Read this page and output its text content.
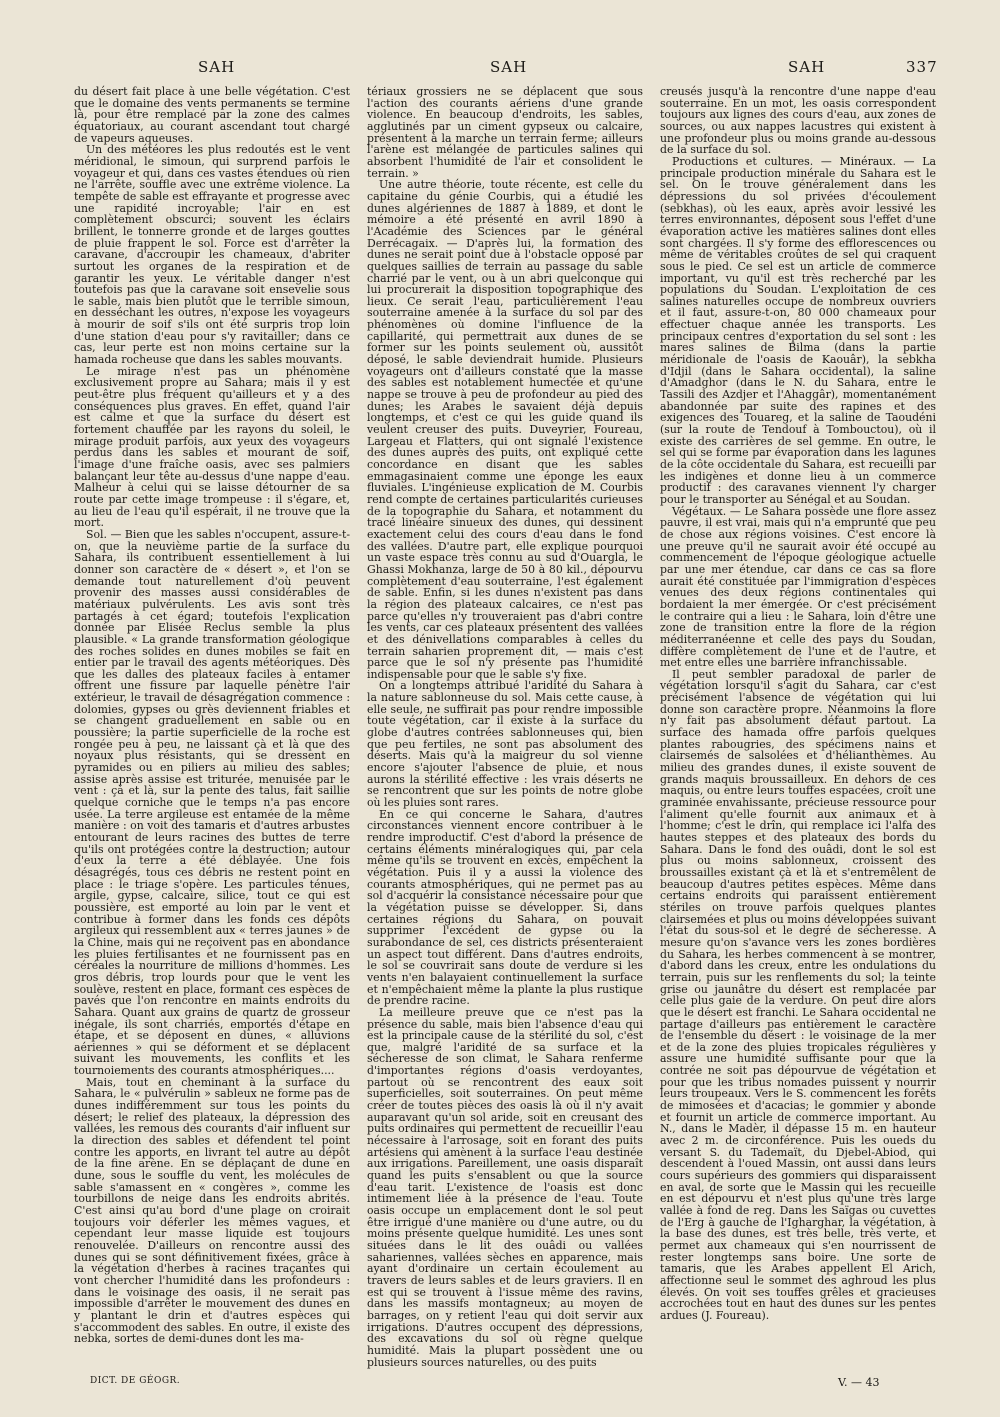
SAH	SAH	SAH	337

du désert fait place à une belle végétation. C'est que le domaine des vents permanents se termine là, pour être remplacé par la zone des calmes équatoriaux, au courant ascendant tout chargé de vapeurs aqueuses.

Un des météores les plus redoutés est le vent méridional, le simoun, qui surprend parfois le voyageur et qui, dans ces vastes étendues où rien ne l'arrête, souffle avec une extrême violence. La tempête de sable est effrayante et progresse avec une rapidité incroyable; l'air en est complètement obscurci; souvent les éclairs brillent, le tonnerre gronde et de larges gouttes de pluie frappent le sol. Force est d'arrêter la caravane, d'accroupir les chameaux, d'abriter surtout les organes de la respiration et de garantir les yeux. Le véritable danger n'est toutefois pas que la caravane soit ensevelie sous le sable, mais bien plutôt que le terrible simoun, en desséchant les outres, n'expose les voyageurs à mourir de soif s'ils ont été surpris trop loin d'une station d'eau pour s'y ravitailler; dans ce cas, leur perte est non moins certaine sur la hamada rocheuse que dans les sables mouvants.

Le mirage n'est pas un phénomène exclusivement propre au Sahara; mais il y est peut-être plus fréquent qu'ailleurs et y a des conséquences plus graves. En effet, quand l'air est calme et que la surface du désert est fortement chauffée par les rayons du soleil, le mirage produit parfois, aux yeux des voyageurs perdus dans les sables et mourant de soif, l'image d'une fraîche oasis, avec ses palmiers balançant leur tête au-dessus d'une nappe d'eau. Malheur à celui qui se laisse détourner de sa route par cette image trompeuse : il s'égare, et, au lieu de l'eau qu'il espérait, il ne trouve que la mort.

Sol. — Bien que les sables n'occupent, assure-t-on, que la neuvième partie de la surface du Sahara, ils contribuent essentiellement à lui donner son caractère de « désert », et l'on se demande tout naturellement d'où peuvent provenir des masses aussi considérables de matériaux pulvérulents. Les avis sont très partagés à cet égard; toutefois l'explication donnée par Elisée Reclus semble la plus plausible. « La grande transformation géologique des roches solides en dunes mobiles se fait en entier par le travail des agents météoriques. Dès que les dalles des plateaux faciles à entamer offrent une fissure par laquelle pénètre l'air extérieur, le travail de désagrégation commence : dolomies, gypses ou grès deviennent friables et se changent graduellement en sable ou en poussière; la partie superficielle de la roche est rongée peu à peu, ne laissant çà et là que des noyaux plus résistants, qui se dressent en pyramides ou en piliers au milieu des sables; assise après assise est triturée, menuisée par le vent : çà et là, sur la pente des talus, fait saillie quelque corniche que le temps n'a pas encore usée. La terre argileuse est entamée de la même manière : on voit des tamaris et d'autres arbustes entourant de leurs racines des buttes de terre qu'ils ont protégées contre la destruction; autour d'eux la terre a été déblayée. Une fois désagrégés, tous ces débris ne restent point en place : le triage s'opère. Les particules ténues, argile, gypse, calcaire, silice, tout ce qui est poussière, est emporté au loin par le vent et contribue à former dans les fonds ces dépôts argileux qui ressemblent aux « terres jaunes » de la Chine, mais qui ne reçoivent pas en abondance les pluies fertilisantes et ne fournissent pas en céréales la nourriture de millions d'hommes. Les gros débris, trop lourds pour que le vent les soulève, restent en place, formant ces espèces de pavés que l'on rencontre en maints endroits du Sahara. Quant aux grains de quartz de grosseur inégale, ils sont charriés, emportés d'étape en étape, et se déposent en dunes, « alluvions aériennes » qui se déforment et se déplacent suivant les mouvements, les conflits et les tournoiements des courants atmosphériques....

Mais, tout en cheminant à la surface du Sahara, le « pulvérulin » sableux ne forme pas de dunes indifféremment sur tous les points du désert; le relief des plateaux, la dépression des vallées, les remous des courants d'air influent sur la direction des sables et défendent tel point contre les apports, en livrant tel autre au dépôt de la fine arène. En se déplaçant de dune en dune, sous le souffle du vent, les molécules de sable s'amassent en « congères », comme les tourbillons de neige dans les endroits abrités. C'est ainsi qu'au bord d'une plage on croirait toujours voir déferler les mêmes vagues, et cependant leur masse liquide est toujours renouvelée. D'ailleurs on rencontre aussi des dunes qui se sont définitivement fixées, grâce à la végétation d'herbes à racines traçantes qui vont chercher l'humidité dans les profondeurs : dans le voisinage des oasis, il ne serait pas impossible d'arrêter le mouvement des dunes en y plantant le drin et d'autres espèces qui s'accommodent des sables. En outre, il existe des nebka, sortes de demi-dunes dont les ma-

tériaux grossiers ne se déplacent que sous l'action des courants aériens d'une grande violence. En beaucoup d'endroits, les sables, agglutinés par un ciment gypseux ou calcaire, présentent à la marche un terrain ferme; ailleurs l'arène est mélangée de particules salines qui absorbent l'humidité de l'air et consolident le terrain. »

Une autre théorie, toute récente, est celle du capitaine du génie Courbis, qui a étudié les dunes algériennes de 1887 à 1889, et dont le mémoire a été présenté en avril 1890 à l'Académie des Sciences par le général Derrécagaix. — D'après lui, la formation des dunes ne serait point due à l'obstacle opposé par quelques saillies de terrain au passage du sable charrié par le vent, ou à un abri quelconque qui lui procurerait la disposition topographique des lieux. Ce serait l'eau, particulièrement l'eau souterraine amenée à la surface du sol par des phénomènes où domine l'influence de la capillarité, qui permettrait aux dunes de se former sur les points seulement où, aussitôt déposé, le sable deviendrait humide. Plusieurs voyageurs ont d'ailleurs constaté que la masse des sables est notablement humectée et qu'une nappe se trouve à peu de profondeur au pied des dunes; les Arabes le savaient déjà depuis longtemps, et c'est ce qui les guide quand ils veulent creuser des puits. Duveyrier, Foureau, Largeau et Flatters, qui ont signalé l'existence des dunes auprès des puits, ont expliqué cette concordance en disant que les sables emmagasinaient comme une éponge les eaux fluviales. L'ingénieuse explication de M. Courbis rend compte de certaines particularités curieuses de la topographie du Sahara, et notamment du tracé linéaire sinueux des dunes, qui dessinent exactement celui des cours d'eau dans le fond des vallées. D'autre part, elle explique pourquoi un vaste espace très connu au sud d'Ouargla, le Ghassi Mokhanza, large de 50 à 80 kil., dépourvu complètement d'eau souterraine, l'est également de sable. Enfin, si les dunes n'existent pas dans la région des plateaux calcaires, ce n'est pas parce qu'elles n'y trouveraient pas d'abri contre les vents, car ces plateaux présentent des vallées et des dénivellations comparables à celles du terrain saharien proprement dit, — mais c'est parce que le sol n'y présente pas l'humidité indispensable pour que le sable s'y fixe.

On a longtemps attribué l'aridité du Sahara à la nature sablonneuse du sol. Mais cette cause, à elle seule, ne suffirait pas pour rendre impossible toute végétation, car il existe à la surface du globe d'autres contrées sablonneuses qui, bien que peu fertiles, ne sont pas absolument des déserts. Mais qu'à la maigreur du sol vienne encore s'ajouter l'absence de pluie, et nous aurons la stérilité effective : les vrais déserts ne se rencontrent que sur les points de notre globe où les pluies sont rares.

En ce qui concerne le Sahara, d'autres circonstances viennent encore contribuer à le rendre improductif. C'est d'abord la présence de certains éléments minéralogiques qui, par cela même qu'ils se trouvent en excès, empêchent la végétation. Puis il y a aussi la violence des courants atmosphériques, qui ne permet pas au sol d'acquérir la consistance nécessaire pour que la végétation puisse se développer. Si, dans certaines régions du Sahara, on pouvait supprimer l'excédent de gypse ou la surabondance de sel, ces districts présenteraient un aspect tout différent. Dans d'autres endroits, le sol se couvrirait sans doute de verdure si les vents n'en balayaient continuellement la surface et n'empêchaient même la plante la plus rustique de prendre racine.

La meilleure preuve que ce n'est pas la présence du sable, mais bien l'absence d'eau qui est la principale cause de la stérilité du sol, c'est que, malgré l'aridité de sa surface et la sécheresse de son climat, le Sahara renferme d'importantes régions d'oasis verdoyantes, partout où se rencontrent des eaux soit superficielles, soit souterraines. On peut même créer de toutes pièces des oasis là où il n'y avait auparavant qu'un sol aride, soit en creusant des puits ordinaires qui permettent de recueillir l'eau nécessaire à l'arrosage, soit en forant des puits artésiens qui amènent à la surface l'eau destinée aux irrigations. Pareillement, une oasis disparaît quand les puits s'ensablent ou que la source d'eau tarit. L'existence de l'oasis est donc intimement liée à la présence de l'eau. Toute oasis occupe un emplacement dont le sol peut être irrigué d'une manière ou d'une autre, ou du moins présente quelque humidité. Les unes sont situées dans le lit des ouâdi ou vallées sahariennes, vallées sèches en apparence, mais ayant d'ordinaire un certain écoulement au travers de leurs sables et de leurs graviers. Il en est qui se trouvent à l'issue même des ravins, dans les massifs montagneux; au moyen de barrages, on y retient l'eau qui doit servir aux irrigations. D'autres occupent des dépressions, des excavations du sol où règne quelque humidité. Mais la plupart possèdent une ou plusieurs sources naturelles, ou des puits

creusés jusqu'à la rencontre d'une nappe d'eau souterraine. En un mot, les oasis correspondent toujours aux lignes des cours d'eau, aux zones de sources, ou aux nappes lacustres qui existent à une profondeur plus ou moins grande au-dessous de la surface du sol.

Productions et cultures. — Minéraux. — La principale production minérale du Sahara est le sel. On le trouve généralement dans les dépressions du sol privées d'écoulement (sebkhas), où les eaux, après avoir lessivé les terres environnantes, déposent sous l'effet d'une évaporation active les matières salines dont elles sont chargées. Il s'y forme des efflorescences ou même de véritables croûtes de sel qui craquent sous le pied. Ce sel est un article de commerce important, vu qu'il est très recherché par les populations du Soudan. L'exploitation de ces salines naturelles occupe de nombreux ouvriers et il faut, assure-t-on, 80 000 chameaux pour effectuer chaque année les transports. Les principaux centres d'exportation du sel sont : les mares salines de Bilma (dans la partie méridionale de l'oasis de Kaouâr), la sebkha d'Idjil (dans le Sahara occidental), la saline d'Amadghor (dans le N. du Sahara, entre le Tassili des Azdjer et l'Ahaggâr), momentanément abandonnée par suite des rapines et des exigences des Touareg, et la saline de Taoudéni (sur la route de Tendouf à Tombouctou), où il existe des carrières de sel gemme. En outre, le sel qui se forme par évaporation dans les lagunes de la côte occidentale du Sahara, est recueilli par les indigènes et donne lieu à un commerce productif : des caravanes viennent l'y charger pour le transporter au Sénégal et au Soudan.

Végétaux. — Le Sahara possède une flore assez pauvre, il est vrai, mais qui n'a emprunté que peu de chose aux régions voisines. C'est encore là une preuve qu'il ne saurait avoir été occupé au commencement de l'époque géologique actuelle par une mer étendue, car dans ce cas sa flore aurait été constituée par l'immigration d'espèces venues des deux régions continentales qui bordaient la mer émergée. Or c'est précisément le contraire qui a lieu : le Sahara, loin d'être une zone de transition entre la flore de la région méditerranéenne et celle des pays du Soudan, diffère complètement de l'une et de l'autre, et met entre elles une barrière infranchissable.

Il peut sembler paradoxal de parler de végétation lorsqu'il s'agit du Sahara, car c'est précisément l'absence de végétation qui lui donne son caractère propre. Néanmoins la flore n'y fait pas absolument défaut partout. La surface des hamada offre parfois quelques plantes rabougries, des spécimens nains et clairsemés de salsolées et d'hélianthèmes. Au milieu des grandes dunes, il existe souvent de grands maquis broussailleux. En dehors de ces maquis, ou entre leurs touffes espacées, croît une graminée envahissante, précieuse ressource pour l'aliment qu'elle fournit aux animaux et à l'homme; c'est le drîn, qui remplace ici l'alfa des hautes steppes et des plateaux des bords du Sahara. Dans le fond des ouâdi, dont le sol est plus ou moins sablonneux, croissent des broussailles existant çà et là et s'entremêlent de beaucoup d'autres petites espèces. Même dans certains endroits qui paraissent entièrement stériles on trouve parfois quelques plantes clairsemées et plus ou moins développées suivant l'état du sous-sol et le degré de sécheresse. A mesure qu'on s'avance vers les zones bordières du Sahara, les herbes commencent à se montrer, d'abord dans les creux, entre les ondulations du terrain, puis sur les renflements du sol; la teinte grise ou jaunâtre du désert est remplacée par celle plus gaie de la verdure. On peut dire alors que le désert est franchi. Le Sahara occidental ne partage d'ailleurs pas entièrement le caractère de l'ensemble du désert : le voisinage de la mer et de la zone des pluies tropicales régulières y assure une humidité suffisante pour que la contrée ne soit pas dépourvue de végétation et pour que les tribus nomades puissent y nourrir leurs troupeaux. Vers le S. commencent les forêts de mimosées et d'acacias; le gommier y abonde et fournit un article de commerce important. Au N., dans le Madèr, il dépasse 15 m. en hauteur avec 2 m. de circonférence. Puis les oueds du versant S. du Tademaït, du Djebel-Abiod, qui descendent à l'oued Massin, ont aussi dans leurs cours supérieurs des gommiers qui disparaissent en aval, de sorte que le Massin qui les recueille en est dépourvu et n'est plus qu'une très large vallée à fond de reg. Dans les Saïgas ou cuvettes de l'Erg à gauche de l'Igharghar, la végétation, à la base des dunes, est très belle, très verte, et permet aux chameaux qui s'en nourrissent de rester longtemps sans boire. Une sorte de tamaris, que les Arabes appellent El Arich, affectionne seul le sommet des aghroud les plus élevés. On voit ses touffes grêles et gracieuses accrochées tout en haut des dunes sur les pentes ardues (J. Foureau).

DICT. DE GÉOGR.	V. — 43
